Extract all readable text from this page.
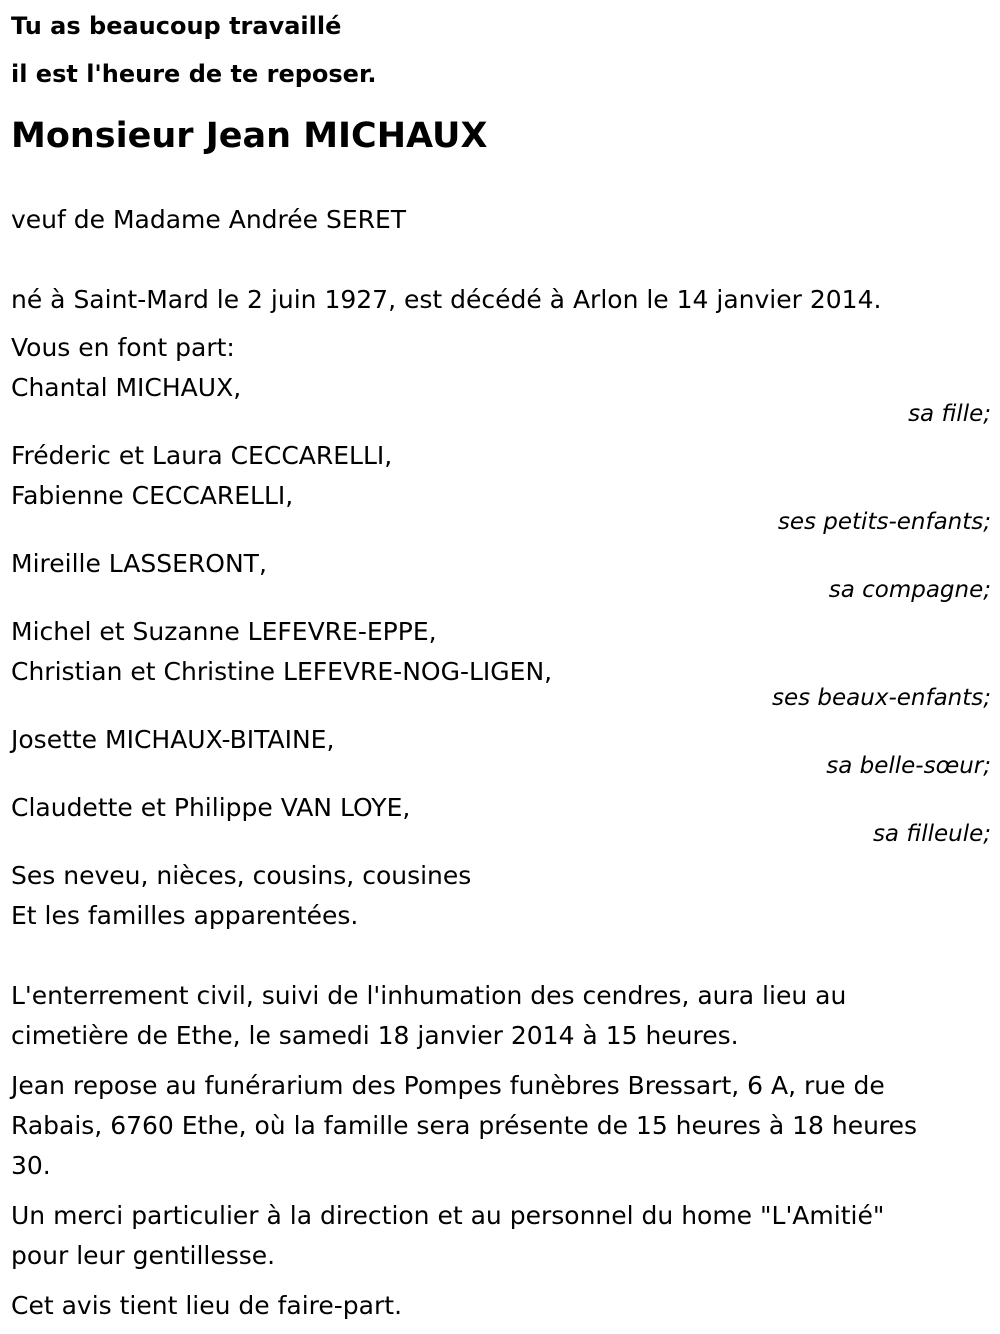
Tu as beaucoup travaillé
il est l'heure de te reposer.
Monsieur Jean MICHAUX
veuf de Madame Andrée SERET
né à Saint-Mard le 2 juin 1927, est décédé à Arlon le 14 janvier 2014.
Vous en font part:
Chantal MICHAUX,
sa fille;
Fréderic et Laura CECCARELLI,
Fabienne CECCARELLI,
ses petits-enfants;
Mireille LASSERONT,
sa compagne;
Michel et Suzanne LEFEVRE-EPPE,
Christian et Christine LEFEVRE-NOG-LIGEN,
ses beaux-enfants;
Josette MICHAUX-BITAINE,
sa belle-sœur;
Claudette et Philippe VAN LOYE,
sa filleule;
Ses neveu, nièces, cousins, cousines
Et les familles apparentées.
L'enterrement civil, suivi de l'inhumation des cendres, aura lieu au
cimetière de Ethe, le samedi 18 janvier 2014 à 15 heures.
Jean repose au funérarium des Pompes funèbres Bressart, 6 A, rue de
Rabais, 6760 Ethe, où la famille sera présente de 15 heures à 18 heures
30.
Un merci particulier à la direction et au personnel du home "L'Amitié"
pour leur gentillesse.
Cet avis tient lieu de faire-part.
